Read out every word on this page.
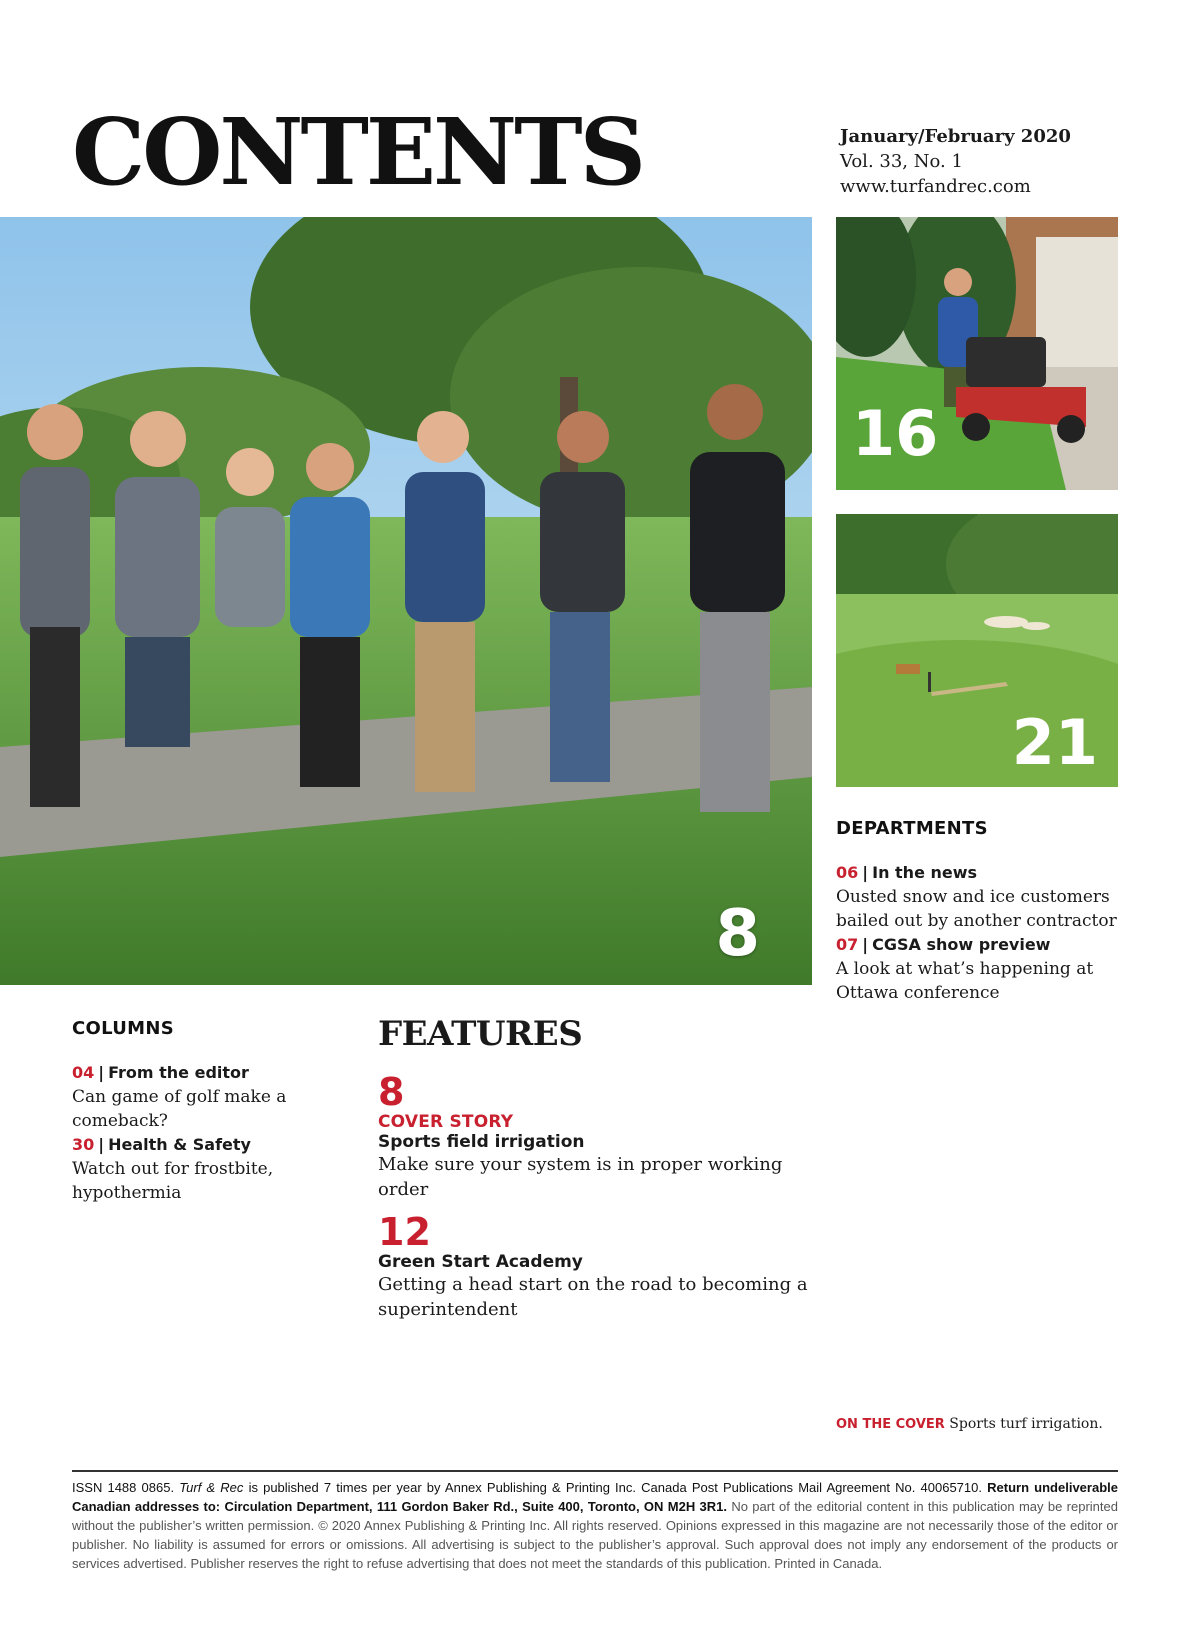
CONTENTS	January/February 2020
Vol. 33, No. 1
www.turfandrec.com
8
16
21
DEPARTMENTS
06 | In the news
Ousted snow and ice customers bailed out by another contractor
07 | CGSA show preview
A look at what’s happening at Ottawa conference
COLUMNS
04 | From the editor
Can game of golf make a comeback?
30 | Health & Safety
Watch out for frostbite, hypothermia
FEATURES
8
COVER STORY
Sports field irrigation
Make sure your system is in proper working order
12
Green Start Academy
Getting a head start on the road to becoming a superintendent
ON THE COVER Sports turf irrigation.
ISSN 1488 0865. Turf & Rec is published 7 times per year by Annex Publishing & Printing Inc. Canada Post Publications Mail Agreement No. 40065710. Return undeliverable Canadian addresses to: Circulation Department, 111 Gordon Baker Rd., Suite 400, Toronto, ON M2H 3R1. No part of the editorial content in this publication may be reprinted without the publisher’s written permission. © 2020 Annex Publishing & Printing Inc. All rights reserved. Opinions expressed in this magazine are not necessarily those of the editor or publisher. No liability is assumed for errors or omissions. All advertising is subject to the publisher’s approval. Such approval does not imply any endorsement of the products or services advertised. Publisher reserves the right to refuse advertising that does not meet the standards of this publication. Printed in Canada.
